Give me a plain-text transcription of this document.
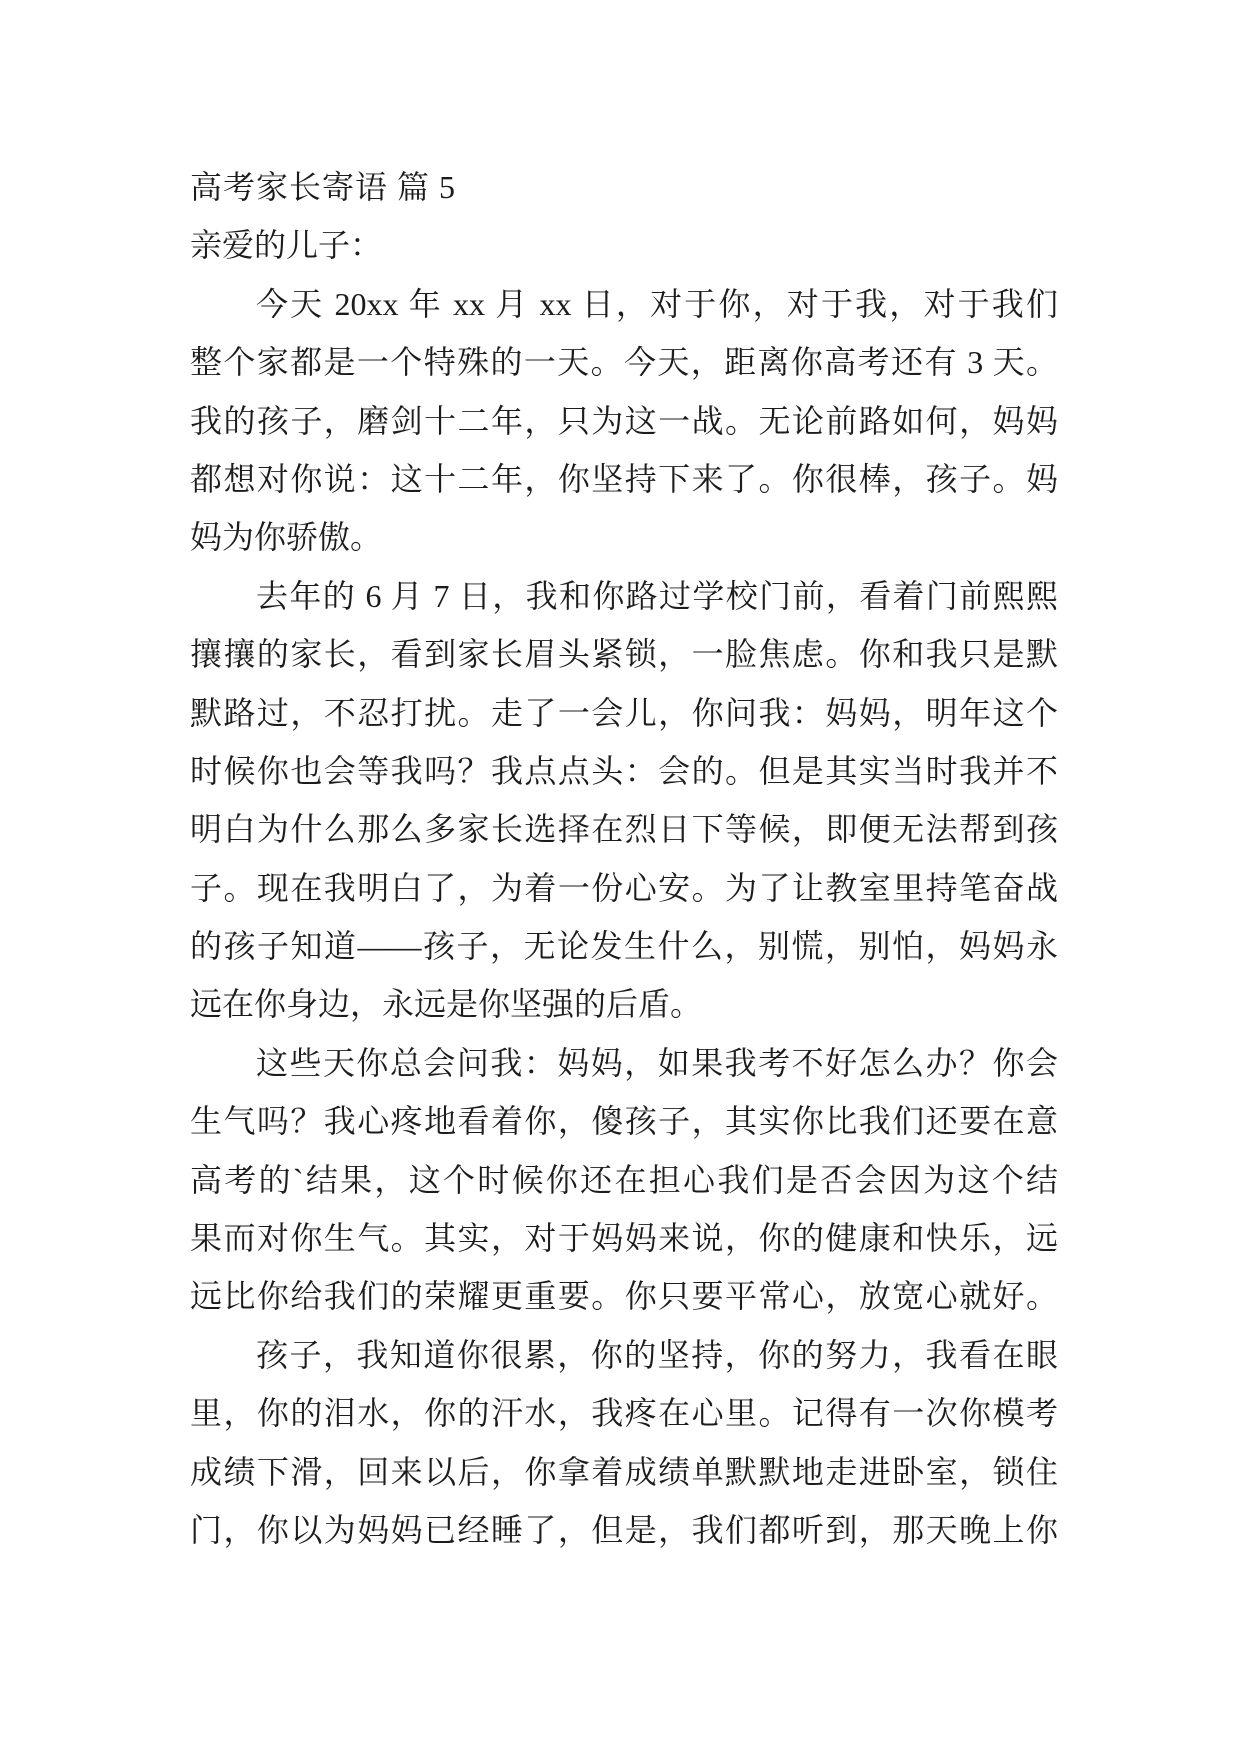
高考家长寄语 篇 5
亲爱的儿子：
今天 20xx 年 xx 月 xx 日，对于你，对于我，对于我们
整个家都是一个特殊的一天。今天，距离你高考还有 3 天。
我的孩子，磨剑十二年，只为这一战。无论前路如何，妈妈
都想对你说：这十二年，你坚持下来了。你很棒，孩子。妈
妈为你骄傲。
去年的 6 月 7 日，我和你路过学校门前，看着门前熙熙
攘攘的家长，看到家长眉头紧锁，一脸焦虑。你和我只是默
默路过，不忍打扰。走了一会儿，你问我：妈妈，明年这个
时候你也会等我吗？我点点头：会的。但是其实当时我并不
明白为什么那么多家长选择在烈日下等候，即便无法帮到孩
子。现在我明白了，为着一份心安。为了让教室里持笔奋战
的孩子知道——孩子，无论发生什么，别慌，别怕，妈妈永
远在你身边，永远是你坚强的后盾。
这些天你总会问我：妈妈，如果我考不好怎么办？你会
生气吗？我心疼地看着你，傻孩子，其实你比我们还要在意
高考的`结果，这个时候你还在担心我们是否会因为这个结
果而对你生气。其实，对于妈妈来说，你的健康和快乐，远
远比你给我们的荣耀更重要。你只要平常心，放宽心就好。
孩子，我知道你很累，你的坚持，你的努力，我看在眼
里，你的泪水，你的汗水，我疼在心里。记得有一次你模考
成绩下滑，回来以后，你拿着成绩单默默地走进卧室，锁住
门，你以为妈妈已经睡了，但是，我们都听到，那天晚上你
